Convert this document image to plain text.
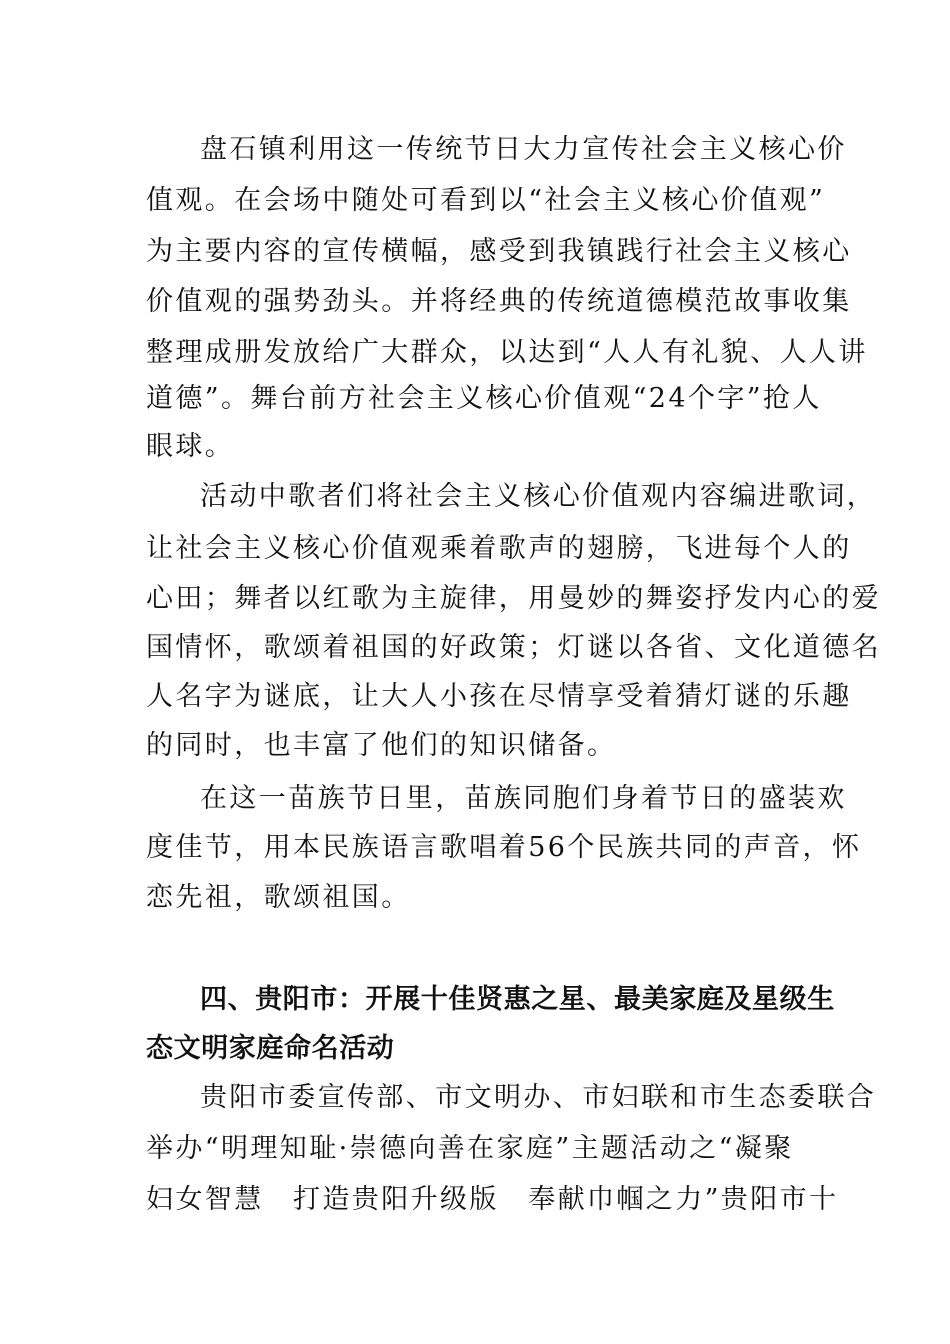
盘石镇利用这一传统节日大力宣传社会主义核心价
值观。在会场中随处可看到以“社会主义核心价值观”
为主要内容的宣传横幅，感受到我镇践行社会主义核心
价值观的强势劲头。并将经典的传统道德模范故事收集
整理成册发放给广大群众，以达到“人人有礼貌、人人讲
道德”。舞台前方社会主义核心价值观“24个字”抢人
眼球。
活动中歌者们将社会主义核心价值观内容编进歌词，
让社会主义核心价值观乘着歌声的翅膀，飞进每个人的
心田；舞者以红歌为主旋律，用曼妙的舞姿抒发内心的爱
国情怀，歌颂着祖国的好政策；灯谜以各省、文化道德名
人名字为谜底，让大人小孩在尽情享受着猜灯谜的乐趣
的同时，也丰富了他们的知识储备。
在这一苗族节日里，苗族同胞们身着节日的盛装欢
度佳节，用本民族语言歌唱着56个民族共同的声音，怀
恋先祖，歌颂祖国。
四、贵阳市：开展十佳贤惠之星、最美家庭及星级生
态文明家庭命名活动
贵阳市委宣传部、市文明办、市妇联和市生态委联合
举办“明理知耻·崇德向善在家庭”主题活动之“凝聚
妇女智慧　打造贵阳升级版　奉献巾帼之力”贵阳市十
